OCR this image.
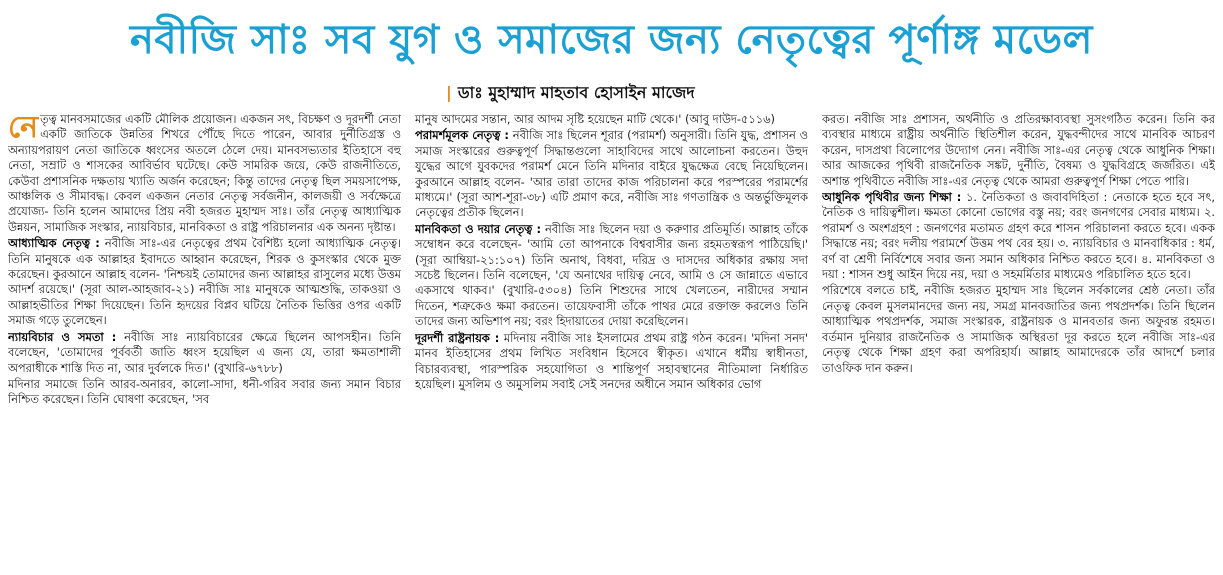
নবীজি সাঃ সব যুগ ও সমাজের জন্য নেতৃত্বের পূর্ণাঙ্গ মডেল
| ডাঃ মুহাম্মাদ মাহতাব হোসাইন মাজেদ

নেতৃত্ব মানবসমাজের একটি মৌলিক প্রয়োজন। একজন সৎ, বিচক্ষণ ও দূরদর্শী নেতা একটি জাতিকে উন্নতির শিখরে পৌঁছে দিতে পারেন, আবার দুর্নীতিগ্রস্ত ও অন্যায়পরায়ণ নেতা জাতিকে ধ্বংসের অতলে ঠেলে দেয়। মানবসভ্যতার ইতিহাসে বহু নেতা, সম্রাট ও শাসকের আবির্ভাব ঘটেছে। কেউ সামরিক জয়ে, কেউ রাজনীতিতে, কেউবা প্রশাসনিক দক্ষতায় খ্যাতি অর্জন করেছেন; কিন্তু তাদের নেতৃত্ব ছিল সময়সাপেক্ষ, আঞ্চলিক ও সীমাবদ্ধ। কেবল একজন নেতার নেতৃত্ব সর্বজনীন, কালজয়ী ও সর্বক্ষেত্রে প্রযোজ্য- তিনি হলেন আমাদের প্রিয় নবী হজরত মুহাম্মদ সাঃ। তাঁর নেতৃত্ব আধ্যাত্মিক উন্নয়ন, সামাজিক সংস্কার, ন্যায়বিচার, মানবিকতা ও রাষ্ট্র পরিচালনার এক অনন্য দৃষ্টান্ত।

আধ্যাত্মিক নেতৃত্ব : নবীজি সাঃ-এর নেতৃত্বের প্রথম বৈশিষ্ট্য হলো আধ্যাত্মিক নেতৃত্ব। তিনি মানুষকে এক আল্লাহর ইবাদতে আহ্বান করেছেন, শিরক ও কুসংস্কার থেকে মুক্ত করেছেন। কুরআনে আল্লাহ বলেন- 'নিশ্চয়ই তোমাদের জন্য আল্লাহর রাসুলের মধ্যে উত্তম আদর্শ রয়েছে।' (সূরা আল-আহজাব-২১) নবীজি সাঃ মানুষকে আত্মশুদ্ধি, তাকওয়া ও আল্লাহভীতির শিক্ষা দিয়েছেন। তিনি হৃদয়ের বিপ্লব ঘটিয়ে নৈতিক ভিত্তির ওপর একটি সমাজ গড়ে তুলেছেন।

ন্যায়বিচার ও সমতা : নবীজি সাঃ ন্যায়বিচারের ক্ষেত্রে ছিলেন আপসহীন। তিনি বলেছেন, 'তোমাদের পূর্ববর্তী জাতি ধ্বংস হয়েছিল এ জন্য যে, তারা ক্ষমতাশালী অপরাধীকে শাস্তি দিত না, আর দুর্বলকে দিত।' (বুখারি-৬৭৮৮)

মদিনার সমাজে তিনি আরব-অনারব, কালো-সাদা, ধনী-গরিব সবার জন্য সমান বিচার নিশ্চিত করেছেন। তিনি ঘোষণা করেছেন, 'সব

মানুষ আদমের সন্তান, আর আদম সৃষ্টি হয়েছেন মাটি থেকে।' (আবু দাউদ-৫১১৬)

পরামর্শমূলক নেতৃত্ব : নবীজি সাঃ ছিলেন শূরার (পরামর্শ) অনুসারী। তিনি যুদ্ধ, প্রশাসন ও সমাজ সংস্কারের গুরুত্বপূর্ণ সিদ্ধান্তগুলো সাহাবিদের সাথে আলোচনা করতেন। উহুদ যুদ্ধের আগে যুবকদের পরামর্শ মেনে তিনি মদিনার বাইরে যুদ্ধক্ষেত্র বেছে নিয়েছিলেন। কুরআনে আল্লাহ বলেন- 'আর তারা তাদের কাজ পরিচালনা করে পরস্পরের পরামর্শের মাধ্যমে।' (সূরা আশ-শূরা-৩৮) এটি প্রমাণ করে, নবীজি সাঃ গণতান্ত্রিক ও অন্তর্ভুক্তিমূলক নেতৃত্বের প্রতীক ছিলেন।

মানবিকতা ও দয়ার নেতৃত্ব : নবীজি সাঃ ছিলেন দয়া ও করুণার প্রতিমূর্তি। আল্লাহ তাঁকে সম্বোধন করে বলেছেন- 'আমি তো আপনাকে বিশ্ববাসীর জন্য রহমতস্বরূপ পাঠিয়েছি।' (সূরা আম্বিয়া-২১:১০৭) তিনি অনাথ, বিধবা, দরিদ্র ও দাসদের অধিকার রক্ষায় সদা সচেষ্ট ছিলেন। তিনি বলেছেন, 'যে অনাথের দায়িত্ব নেবে, আমি ও সে জান্নাতে এভাবে একসাথে থাকব।' (বুখারি-৫৩০৪) তিনি শিশুদের সাথে খেলতেন, নারীদের সম্মান দিতেন, শত্রুকেও ক্ষমা করতেন। তায়েফবাসী তাঁকে পাথর মেরে রক্তাক্ত করলেও তিনি তাদের জন্য অভিশাপ নয়; বরং হিদায়াতের দোয়া করেছিলেন।

দূরদর্শী রাষ্ট্রনায়ক : মদিনায় নবীজি সাঃ ইসলামের প্রথম রাষ্ট্র গঠন করেন। 'মদিনা সনদ' মানব ইতিহাসের প্রথম লিখিত সংবিধান হিসেবে স্বীকৃত। এখানে ধর্মীয় স্বাধীনতা, বিচারব্যবস্থা, পারস্পরিক সহযোগিতা ও শান্তিপূর্ণ সহাবস্থানের নীতিমালা নির্ধারিত হয়েছিল। মুসলিম ও অমুসলিম সবাই সেই সনদের অধীনে সমান অধিকার ভোগ

করত। নবীজি সাঃ প্রশাসন, অর্থনীতি ও প্রতিরক্ষাব্যবস্থা সুসংগঠিত করেন। তিনি কর ব্যবস্থার মাধ্যমে রাষ্ট্রীয় অর্থনীতি স্থিতিশীল করেন, যুদ্ধবন্দীদের সাথে মানবিক আচরণ করেন, দাসপ্রথা বিলোপের উদ্যোগ নেন। নবীজি সাঃ-এর নেতৃত্ব থেকে আধুনিক শিক্ষা। আর আজকের পৃথিবী রাজনৈতিক সঙ্কট, দুর্নীতি, বৈষম্য ও যুদ্ধবিগ্রহে জর্জরিত। এই অশান্ত পৃথিবীতে নবীজি সাঃ-এর নেতৃত্ব থেকে আমরা গুরুত্বপূর্ণ শিক্ষা পেতে পারি।

আধুনিক পৃথিবীর জন্য শিক্ষা : ১. নৈতিকতা ও জবাবদিহিতা : নেতাকে হতে হবে সৎ, নৈতিক ও দায়িত্বশীল। ক্ষমতা কোনো ভোগের বস্তু নয়; বরং জনগণের সেবার মাধ্যম। ২. পরামর্শ ও অংশগ্রহণ : জনগণের মতামত গ্রহণ করে শাসন পরিচালনা করতে হবে। একক সিদ্ধান্তে নয়; বরং দলীয় পরামর্শে উত্তম পথ বের হয়। ৩. ন্যায়বিচার ও মানবাধিকার : ধর্ম, বর্ণ বা শ্রেণী নির্বিশেষে সবার জন্য সমান অধিকার নিশ্চিত করতে হবে। ৪. মানবিকতা ও দয়া : শাসন শুধু আইন দিয়ে নয়, দয়া ও সহমর্মিতার মাধ্যমেও পরিচালিত হতে হবে।

পরিশেষে বলতে চাই, নবীজি হজরত মুহাম্মদ সাঃ ছিলেন সর্বকালের শ্রেষ্ঠ নেতা। তাঁর নেতৃত্ব কেবল মুসলমানদের জন্য নয়, সমগ্র মানবজাতির জন্য পথপ্রদর্শক। তিনি ছিলেন আধ্যাত্মিক পথপ্রদর্শক, সমাজ সংস্কারক, রাষ্ট্রনায়ক ও মানবতার জন্য অফুরন্ত রহমত। বর্তমান দুনিয়ার রাজনৈতিক ও সামাজিক অস্থিরতা দূর করতে হলে নবীজি সাঃ-এর নেতৃত্ব থেকে শিক্ষা গ্রহণ করা অপরিহার্য। আল্লাহ আমাদেরকে তাঁর আদর্শে চলার তাওফিক দান করুন।
